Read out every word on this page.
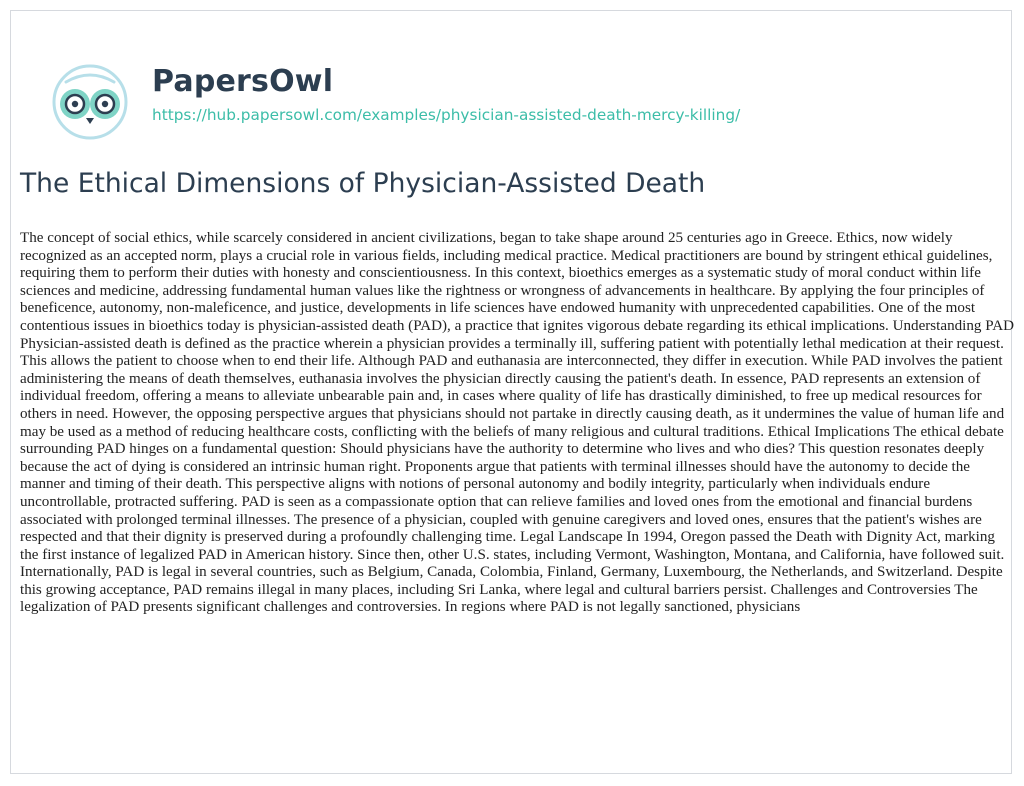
PapersOwl
https://hub.papersowl.com/examples/physician-assisted-death-mercy-killing/
The Ethical Dimensions of Physician-Assisted Death

The concept of social ethics, while scarcely considered in ancient civilizations, began to take shape around 25 centuries ago in Greece. Ethics, now widely recognized as an accepted norm, plays a crucial role in various fields, including medical practice. Medical practitioners are bound by stringent ethical guidelines, requiring them to perform their duties with honesty and conscientiousness. In this context, bioethics emerges as a systematic study of moral conduct within life sciences and medicine, addressing fundamental human values like the rightness or wrongness of advancements in healthcare. By applying the four principles of beneficence, autonomy, non-maleficence, and justice, developments in life sciences have endowed humanity with unprecedented capabilities. One of the most contentious issues in bioethics today is physician-assisted death (PAD), a practice that ignites vigorous debate regarding its ethical implications. Understanding PAD Physician-assisted death is defined as the practice wherein a physician provides a terminally ill, suffering patient with potentially lethal medication at their request. This allows the patient to choose when to end their life. Although PAD and euthanasia are interconnected, they differ in execution. While PAD involves the patient administering the means of death themselves, euthanasia involves the physician directly causing the patient's death. In essence, PAD represents an extension of individual freedom, offering a means to alleviate unbearable pain and, in cases where quality of life has drastically diminished, to free up medical resources for others in need. However, the opposing perspective argues that physicians should not partake in directly causing death, as it undermines the value of human life and may be used as a method of reducing healthcare costs, conflicting with the beliefs of many religious and cultural traditions. Ethical Implications The ethical debate surrounding PAD hinges on a fundamental question: Should physicians have the authority to determine who lives and who dies? This question resonates deeply because the act of dying is considered an intrinsic human right. Proponents argue that patients with terminal illnesses should have the autonomy to decide the manner and timing of their death. This perspective aligns with notions of personal autonomy and bodily integrity, particularly when individuals endure uncontrollable, protracted suffering. PAD is seen as a compassionate option that can relieve families and loved ones from the emotional and financial burdens associated with prolonged terminal illnesses. The presence of a physician, coupled with genuine caregivers and loved ones, ensures that the patient's wishes are respected and that their dignity is preserved during a profoundly challenging time. Legal Landscape In 1994, Oregon passed the Death with Dignity Act, marking the first instance of legalized PAD in American history. Since then, other U.S. states, including Vermont, Washington, Montana, and California, have followed suit. Internationally, PAD is legal in several countries, such as Belgium, Canada, Colombia, Finland, Germany, Luxembourg, the Netherlands, and Switzerland. Despite this growing acceptance, PAD remains illegal in many places, including Sri Lanka, where legal and cultural barriers persist. Challenges and Controversies The legalization of PAD presents significant challenges and controversies. In regions where PAD is not legally sanctioned, physicians
